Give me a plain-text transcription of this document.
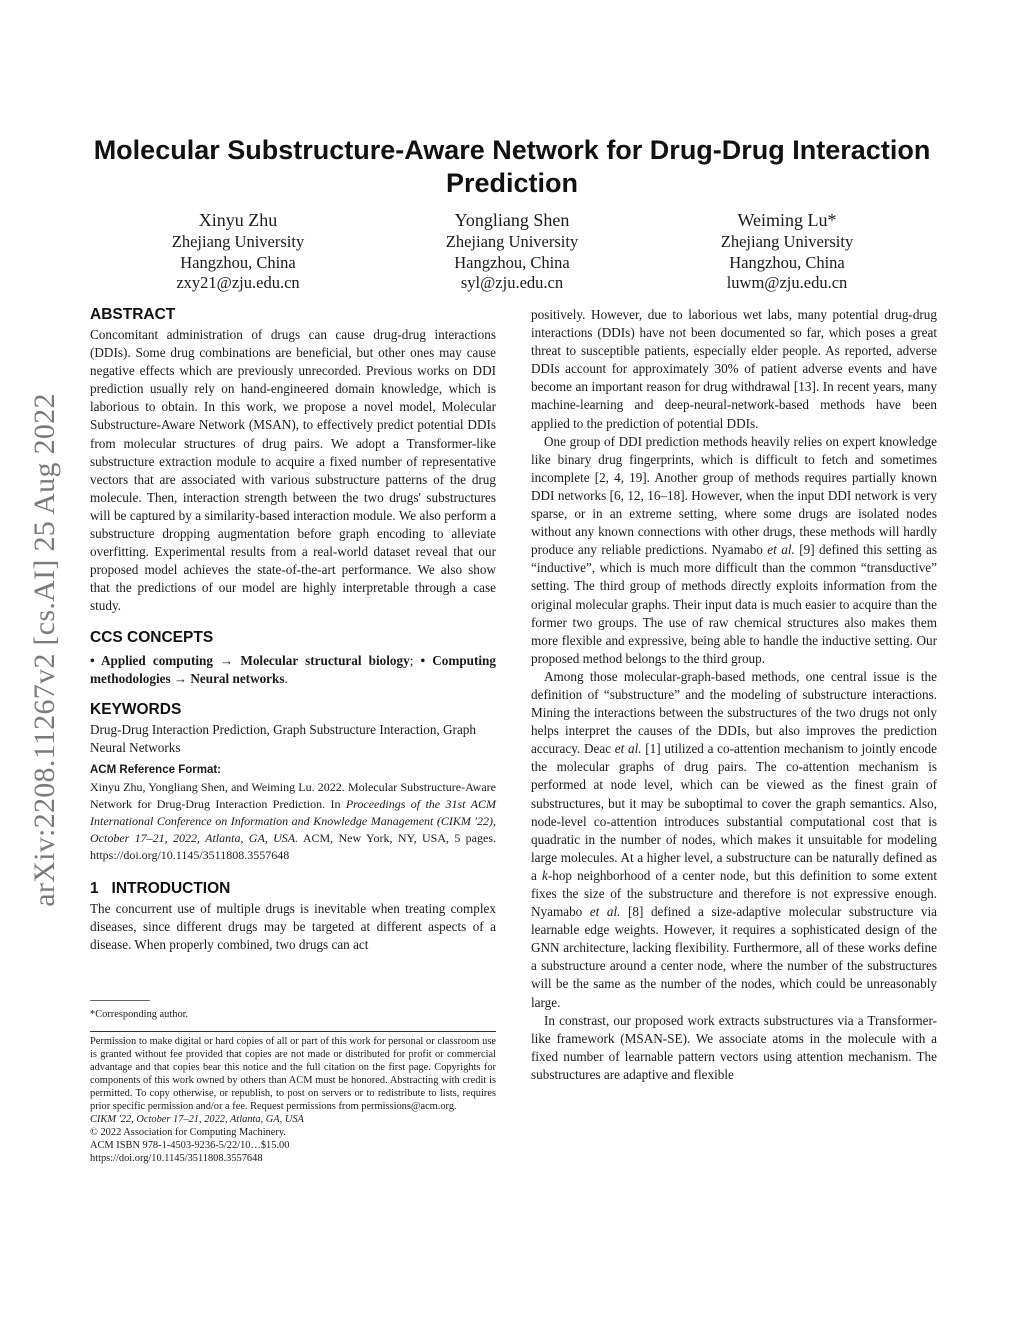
arXiv:2208.11267v2 [cs.AI] 25 Aug 2022
Molecular Substructure-Aware Network for Drug-Drug Interaction Prediction
Xinyu Zhu
Zhejiang University
Hangzhou, China
zxy21@zju.edu.cn
Yongliang Shen
Zhejiang University
Hangzhou, China
syl@zju.edu.cn
Weiming Lu*
Zhejiang University
Hangzhou, China
luwm@zju.edu.cn
ABSTRACT

Concomitant administration of drugs can cause drug-drug interactions (DDIs). Some drug combinations are beneficial, but other ones may cause negative effects which are previously unrecorded. Previous works on DDI prediction usually rely on hand-engineered domain knowledge, which is laborious to obtain. In this work, we propose a novel model, Molecular Substructure-Aware Network (MSAN), to effectively predict potential DDIs from molecular structures of drug pairs. We adopt a Transformer-like substructure extraction module to acquire a fixed number of representative vectors that are associated with various substructure patterns of the drug molecule. Then, interaction strength between the two drugs' substructures will be captured by a similarity-based interaction module. We also perform a substructure dropping augmentation before graph encoding to alleviate overfitting. Experimental results from a real-world dataset reveal that our proposed model achieves the state-of-the-art performance. We also show that the predictions of our model are highly interpretable through a case study.

CCS CONCEPTS

• Applied computing → Molecular structural biology; • Computing methodologies → Neural networks.

KEYWORDS

Drug-Drug Interaction Prediction, Graph Substructure Interaction, Graph Neural Networks

ACM Reference Format:
Xinyu Zhu, Yongliang Shen, and Weiming Lu. 2022. Molecular Substructure-Aware Network for Drug-Drug Interaction Prediction. In Proceedings of the 31st ACM International Conference on Information and Knowledge Management (CIKM '22), October 17–21, 2022, Atlanta, GA, USA. ACM, New York, NY, USA, 5 pages. https://doi.org/10.1145/3511808.3557648
1   INTRODUCTION

The concurrent use of multiple drugs is inevitable when treating complex diseases, since different drugs may be targeted at different aspects of a disease. When properly combined, two drugs can act

*Corresponding author.
Permission to make digital or hard copies of all or part of this work for personal or classroom use is granted without fee provided that copies are not made or distributed for profit or commercial advantage and that copies bear this notice and the full citation on the first page. Copyrights for components of this work owned by others than ACM must be honored. Abstracting with credit is permitted. To copy otherwise, or republish, to post on servers or to redistribute to lists, requires prior specific permission and/or a fee. Request permissions from permissions@acm.org.
CIKM '22, October 17–21, 2022, Atlanta, GA, USA
© 2022 Association for Computing Machinery.
ACM ISBN 978-1-4503-9236-5/22/10…$15.00
https://doi.org/10.1145/3511808.3557648

positively. However, due to laborious wet labs, many potential drug-drug interactions (DDIs) have not been documented so far, which poses a great threat to susceptible patients, especially elder people. As reported, adverse DDIs account for approximately 30% of patient adverse events and have become an important reason for drug withdrawal [13]. In recent years, many machine-learning and deep-neural-network-based methods have been applied to the prediction of potential DDIs.

One group of DDI prediction methods heavily relies on expert knowledge like binary drug fingerprints, which is difficult to fetch and sometimes incomplete [2, 4, 19]. Another group of methods requires partially known DDI networks [6, 12, 16–18]. However, when the input DDI network is very sparse, or in an extreme setting, where some drugs are isolated nodes without any known connections with other drugs, these methods will hardly produce any reliable predictions. Nyamabo et al. [9] defined this setting as “inductive”, which is much more difficult than the common “transductive” setting. The third group of methods directly exploits information from the original molecular graphs. Their input data is much easier to acquire than the former two groups. The use of raw chemical structures also makes them more flexible and expressive, being able to handle the inductive setting. Our proposed method belongs to the third group.

Among those molecular-graph-based methods, one central issue is the definition of “substructure” and the modeling of substructure interactions. Mining the interactions between the substructures of the two drugs not only helps interpret the causes of the DDIs, but also improves the prediction accuracy. Deac et al. [1] utilized a co-attention mechanism to jointly encode the molecular graphs of drug pairs. The co-attention mechanism is performed at node level, which can be viewed as the finest grain of substructures, but it may be suboptimal to cover the graph semantics. Also, node-level co-attention introduces substantial computational cost that is quadratic in the number of nodes, which makes it unsuitable for modeling large molecules. At a higher level, a substructure can be naturally defined as a k-hop neighborhood of a center node, but this definition to some extent fixes the size of the substructure and therefore is not expressive enough. Nyamabo et al. [8] defined a size-adaptive molecular substructure via learnable edge weights. However, it requires a sophisticated design of the GNN architecture, lacking flexibility. Furthermore, all of these works define a substructure around a center node, where the number of the substructures will be the same as the number of the nodes, which could be unreasonably large.

In constrast, our proposed work extracts substructures via a Transformer-like framework (MSAN-SE). We associate atoms in the molecule with a fixed number of learnable pattern vectors using attention mechanism. The substructures are adaptive and flexible
